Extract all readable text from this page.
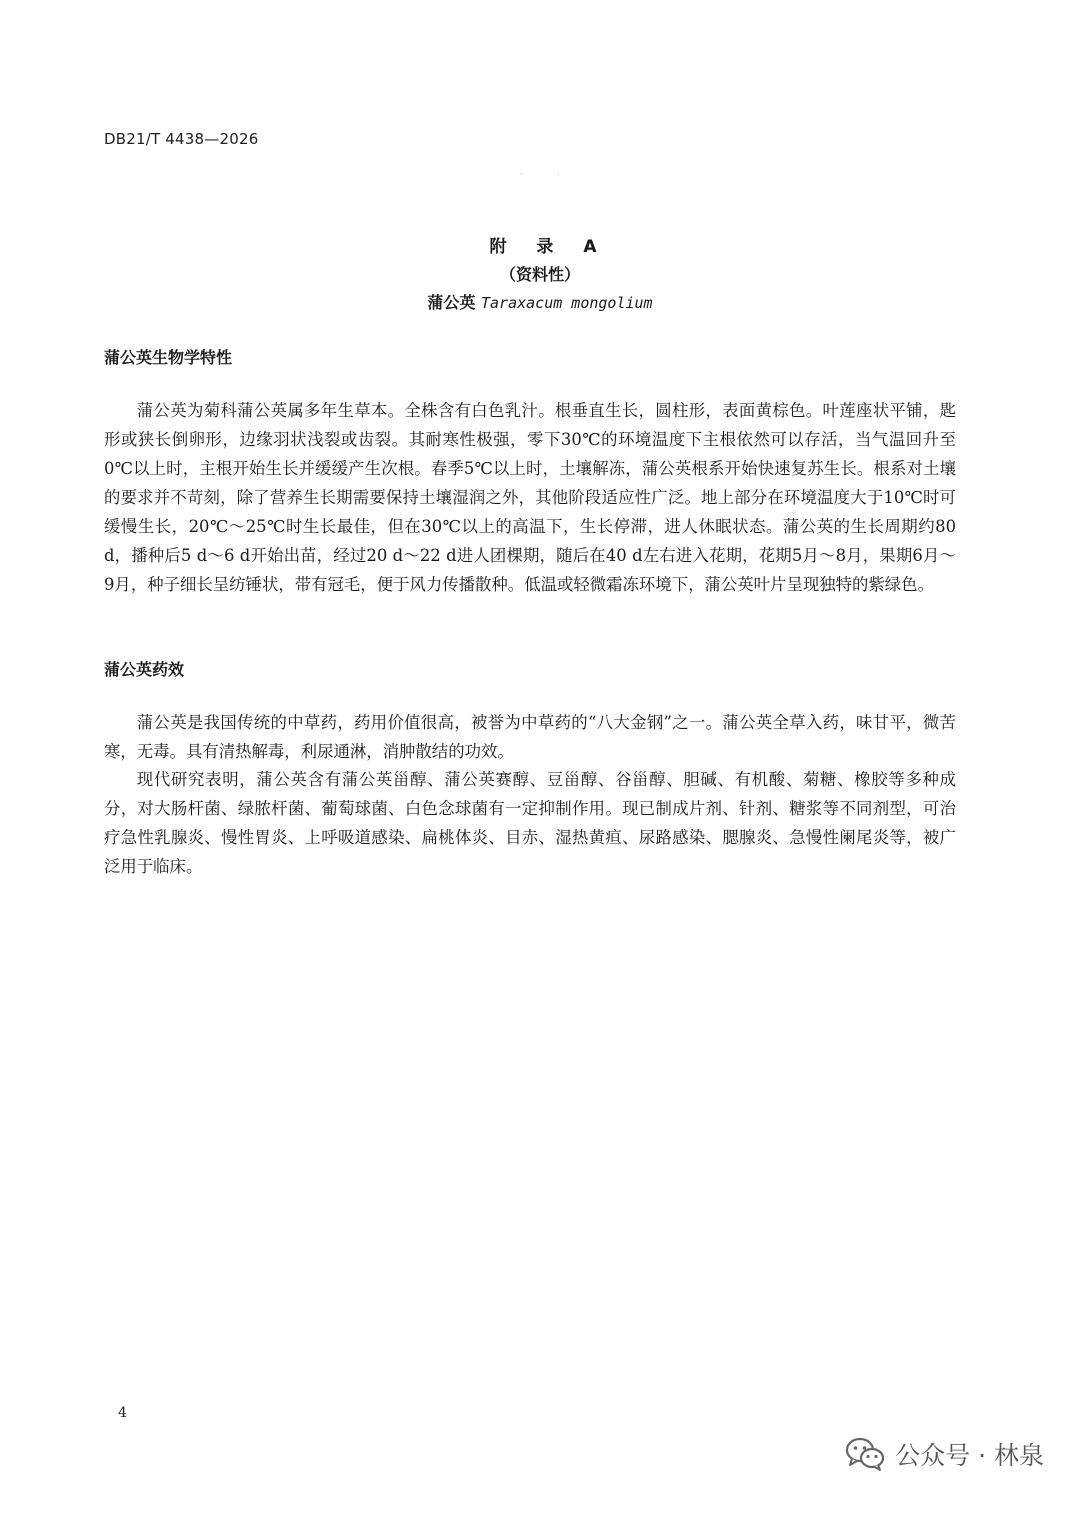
DB21/T 4438—2026
· ·
附 录 A
（资料性）
蒲公英 Taraxacum mongolium
蒲公英生物学特性

蒲公英为菊科蒲公英属多年生草本。全株含有白色乳汁。根垂直生长，圆柱形，表面黄棕色。叶莲座状平铺，匙形或狭长倒卵形，边缘羽状浅裂或齿裂。其耐寒性极强，零下30℃的环境温度下主根依然可以存活，当气温回升至0℃以上时，主根开始生长并缓缓产生次根。春季5℃以上时，土壤解冻，蒲公英根系开始快速复苏生长。根系对土壤的要求并不苛刻，除了营养生长期需要保持土壤湿润之外，其他阶段适应性广泛。地上部分在环境温度大于10℃时可缓慢生长，20℃～25℃时生长最佳，但在30℃以上的高温下，生长停滞，进人休眠状态。蒲公英的生长周期约80 d，播种后5 d～6 d开始出苗，经过20 d～22 d进人团棵期，随后在40 d左右进入花期，花期5月～8月，果期6月～9月，种子细长呈纺锤状，带有冠毛，便于风力传播散种。低温或轻微霜冻环境下，蒲公英叶片呈现独特的紫绿色。

蒲公英药效

蒲公英是我国传统的中草药，药用价值很高，被誉为中草药的“八大金钢”之一。蒲公英全草入药，味甘平，微苦寒，无毒。具有清热解毒，利尿通淋，消肿散结的功效。

现代研究表明，蒲公英含有蒲公英甾醇、蒲公英赛醇、豆甾醇、谷甾醇、胆碱、有机酸、菊糖、橡胶等多种成分，对大肠杆菌、绿脓杆菌、葡萄球菌、白色念球菌有一定抑制作用。现已制成片剂、针剂、糖浆等不同剂型，可治疗急性乳腺炎、慢性胃炎、上呼吸道感染、扁桃体炎、目赤、湿热黄疸、尿路感染、腮腺炎、急慢性阑尾炎等，被广泛用于临床。

4
公众号 · 林泉
